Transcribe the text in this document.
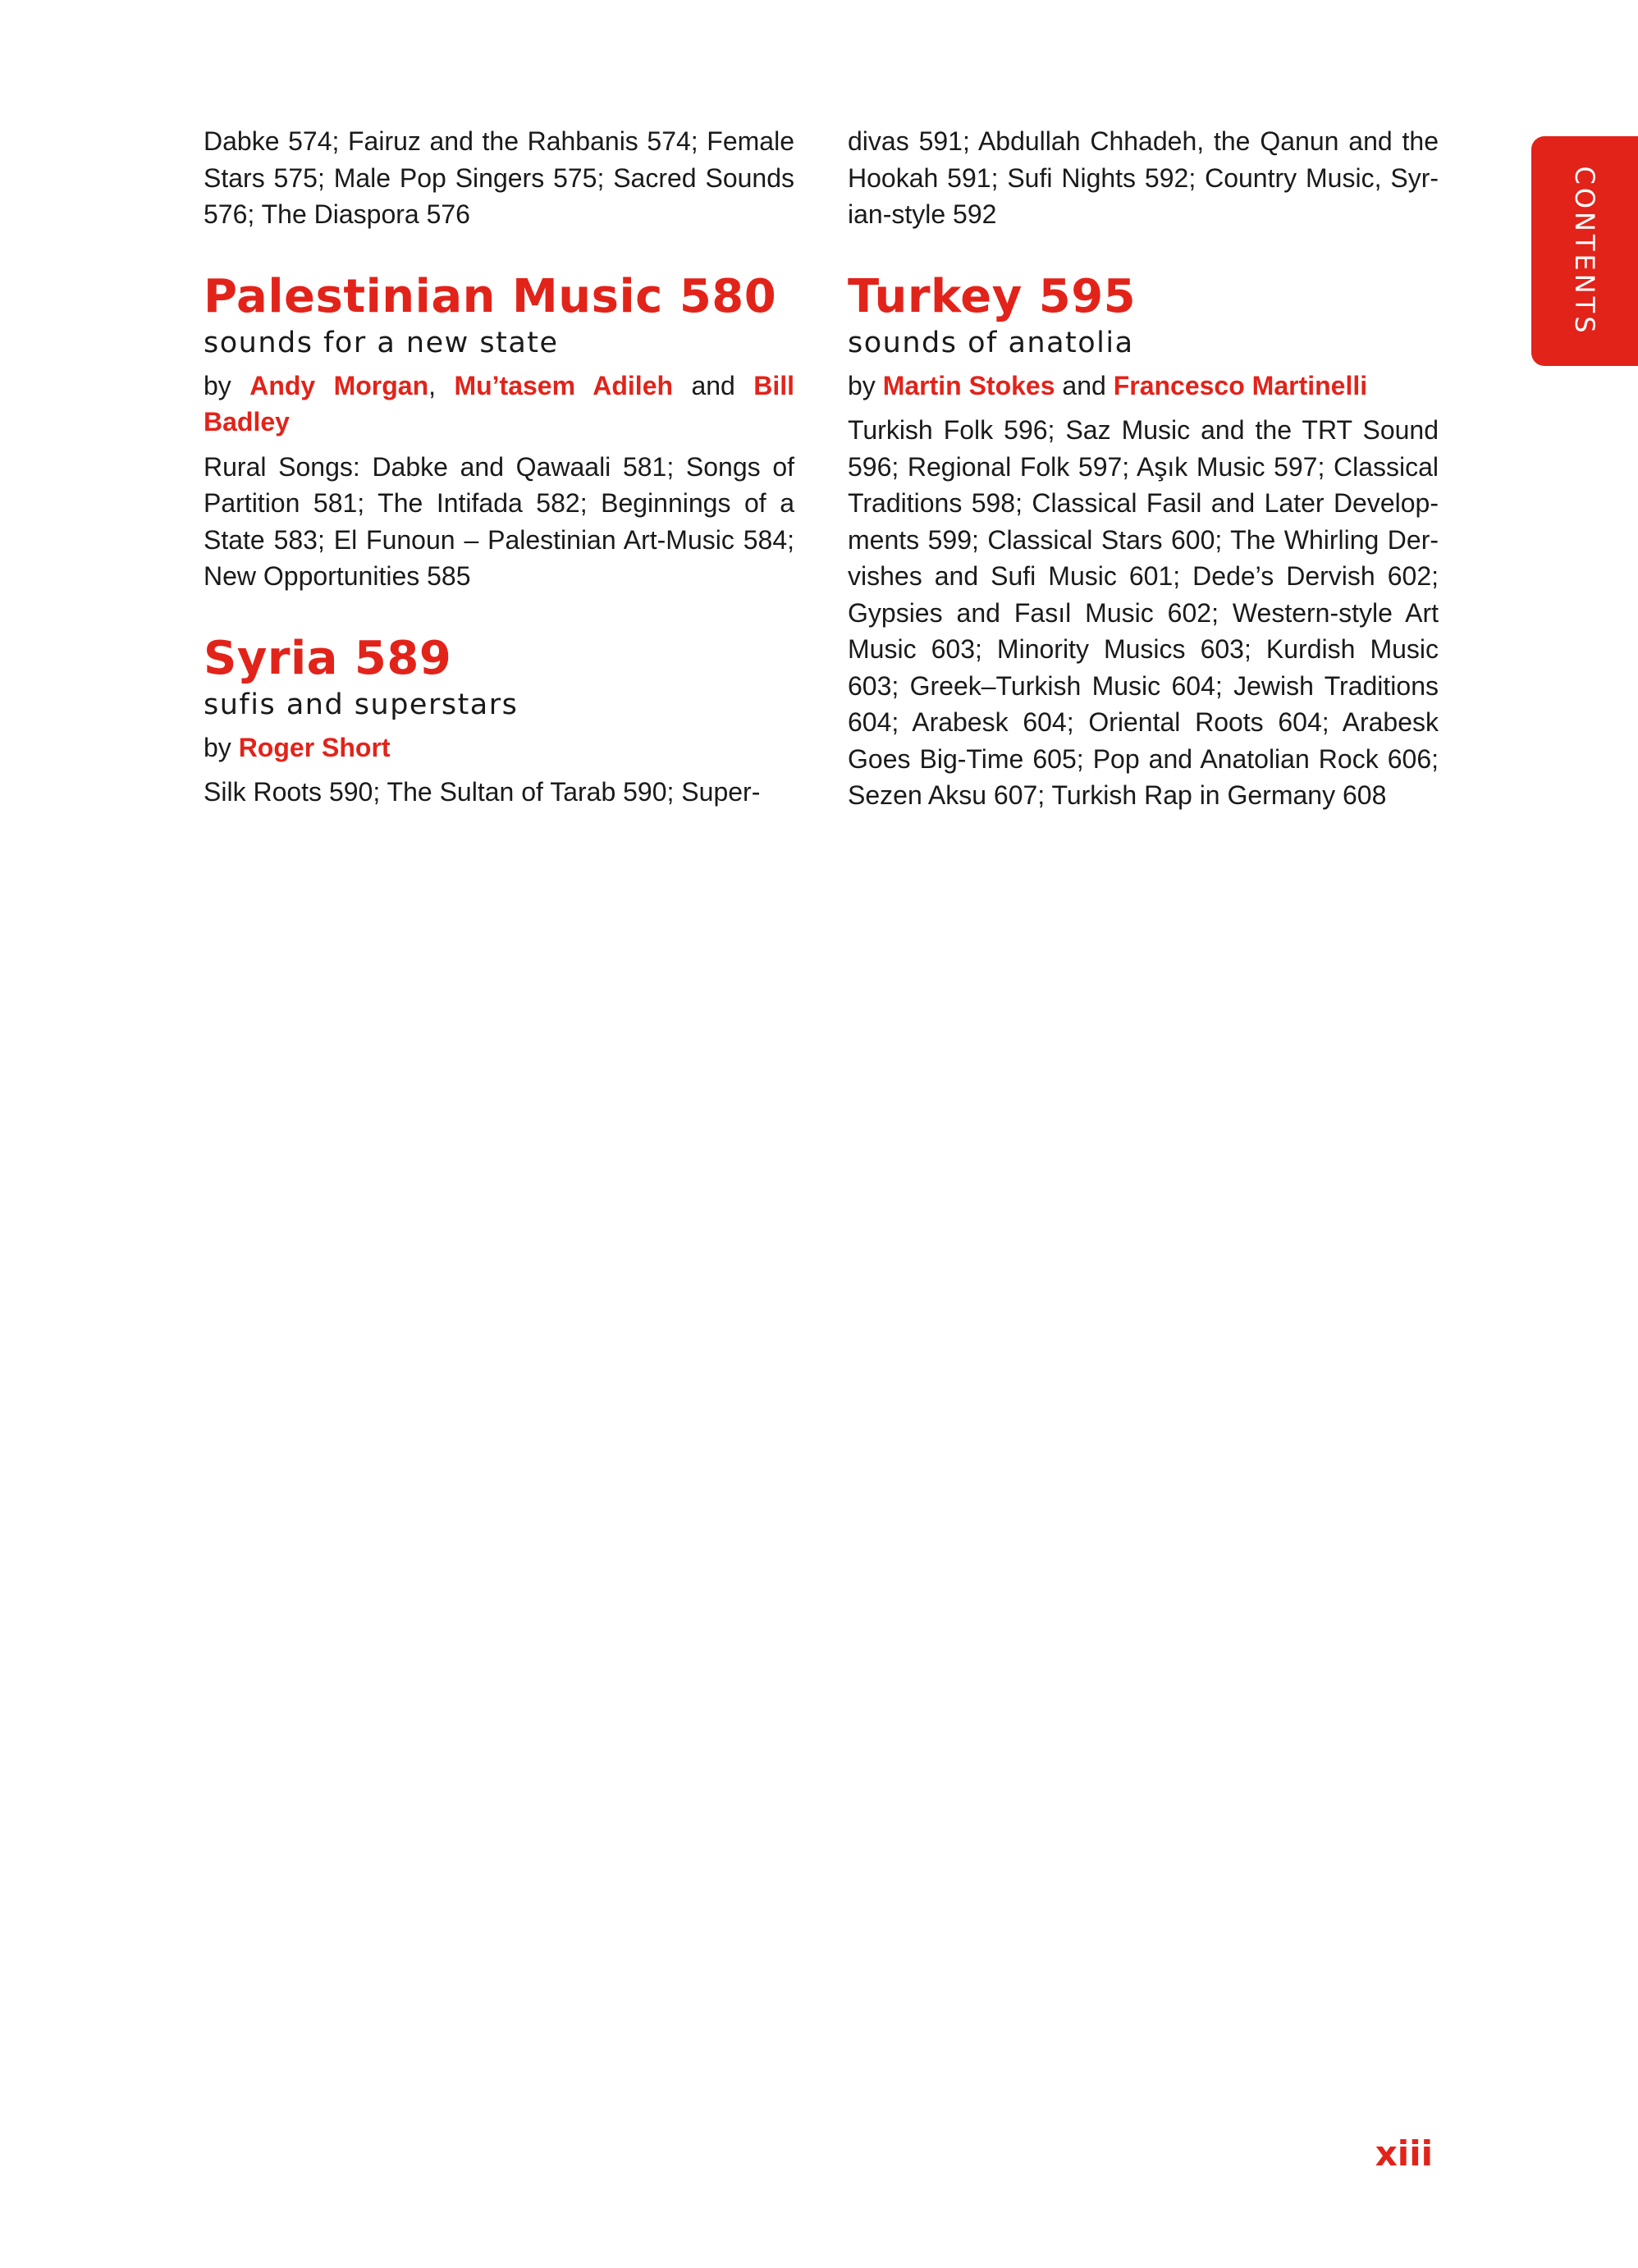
Dabke 574; Fairuz and the Rahbanis 574; Female Stars 575; Male Pop Singers 575; Sacred Sounds 576; The Diaspora 576

Palestinian Music 580
sounds for a new state

by Andy Morgan, Mu’tasem Adileh and Bill Badley

Rural Songs: Dabke and Qawaali 581; Songs of Partition 581; The Intifada 582; Beginnings of a State 583; El Funoun – Palestinian Art-Music 584; New Opportunities 585

Syria 589
sufis and superstars

by Roger Short

Silk Roots 590; The Sultan of Tarab 590; Super-

divas 591; Abdullah Chhadeh, the Qanun and the Hookah 591; Sufi Nights 592; Country Music, Syrian-style 592

Turkey 595
sounds of anatolia

by Martin Stokes and Francesco Martinelli

Turkish Folk 596; Saz Music and the TRT Sound 596; Regional Folk 597; Aşık Music 597; Classical Traditions 598; Classical Fasil and Later Developments 599; Classical Stars 600; The Whirling Dervishes and Sufi Music 601; Dede’s Dervish 602; Gypsies and Fasıl Music 602; Western-style Art Music 603; Minority Musics 603; Kurdish Music 603; Greek–Turkish Music 604; Jewish Traditions 604; Arabesk 604; Oriental Roots 604; Arabesk Goes Big-Time 605; Pop and Anatolian Rock 606; Sezen Aksu 607; Turkish Rap in Germany 608

CONTENTS
xiii
